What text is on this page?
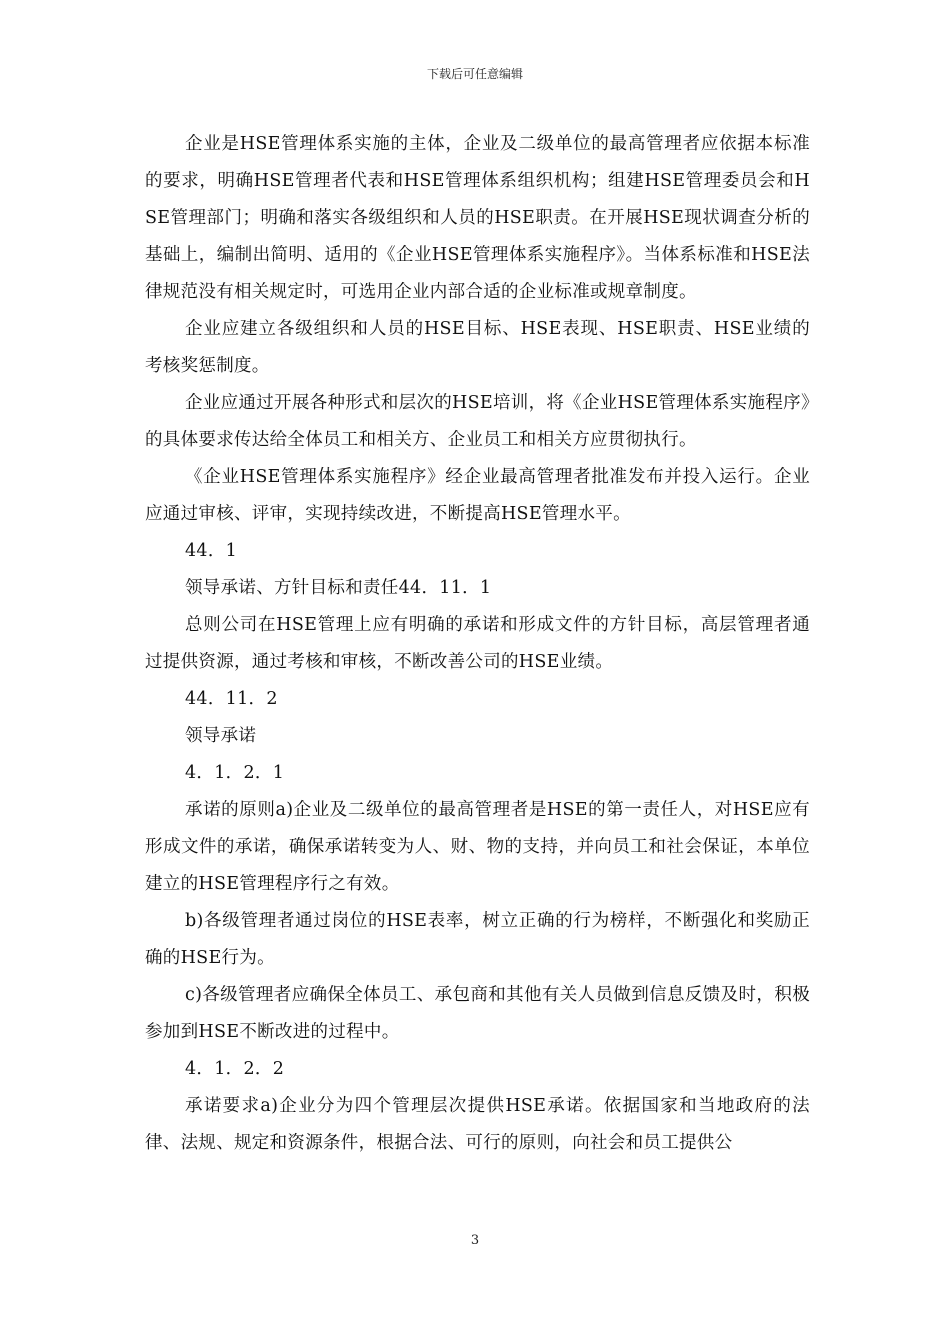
下载后可任意编辑

企业是HSE管理体系实施的主体，企业及二级单位的最高管理者应依据本标准的要求，明确HSE管理者代表和HSE管理体系组织机构；组建HSE管理委员会和HSE管理部门；明确和落实各级组织和人员的HSE职责。在开展HSE现状调查分析的基础上，编制出简明、适用的《企业HSE管理体系实施程序》。当体系标准和HSE法律规范没有相关规定时，可选用企业内部合适的企业标准或规章制度。

企业应建立各级组织和人员的HSE目标、HSE表现、HSE职责、HSE业绩的考核奖惩制度。

企业应通过开展各种形式和层次的HSE培训，将《企业HSE管理体系实施程序》的具体要求传达给全体员工和相关方、企业员工和相关方应贯彻执行。

《企业HSE管理体系实施程序》经企业最高管理者批准发布并投入运行。企业应通过审核、评审，实现持续改进，不断提高HSE管理水平。

44．1

领导承诺、方针目标和责任44．11．1

总则公司在HSE管理上应有明确的承诺和形成文件的方针目标，高层管理者通过提供资源，通过考核和审核，不断改善公司的HSE业绩。

44．11．2

领导承诺

4．1．2．1

承诺的原则a)企业及二级单位的最高管理者是HSE的第一责任人，对HSE应有形成文件的承诺，确保承诺转变为人、财、物的支持，并向员工和社会保证，本单位建立的HSE管理程序行之有效。

b)各级管理者通过岗位的HSE表率，树立正确的行为榜样，不断强化和奖励正确的HSE行为。

c)各级管理者应确保全体员工、承包商和其他有关人员做到信息反馈及时，积极参加到HSE不断改进的过程中。

4．1．2．2

承诺要求a)企业分为四个管理层次提供HSE承诺。依据国家和当地政府的法律、法规、规定和资源条件，根据合法、可行的原则，向社会和员工提供公

3
